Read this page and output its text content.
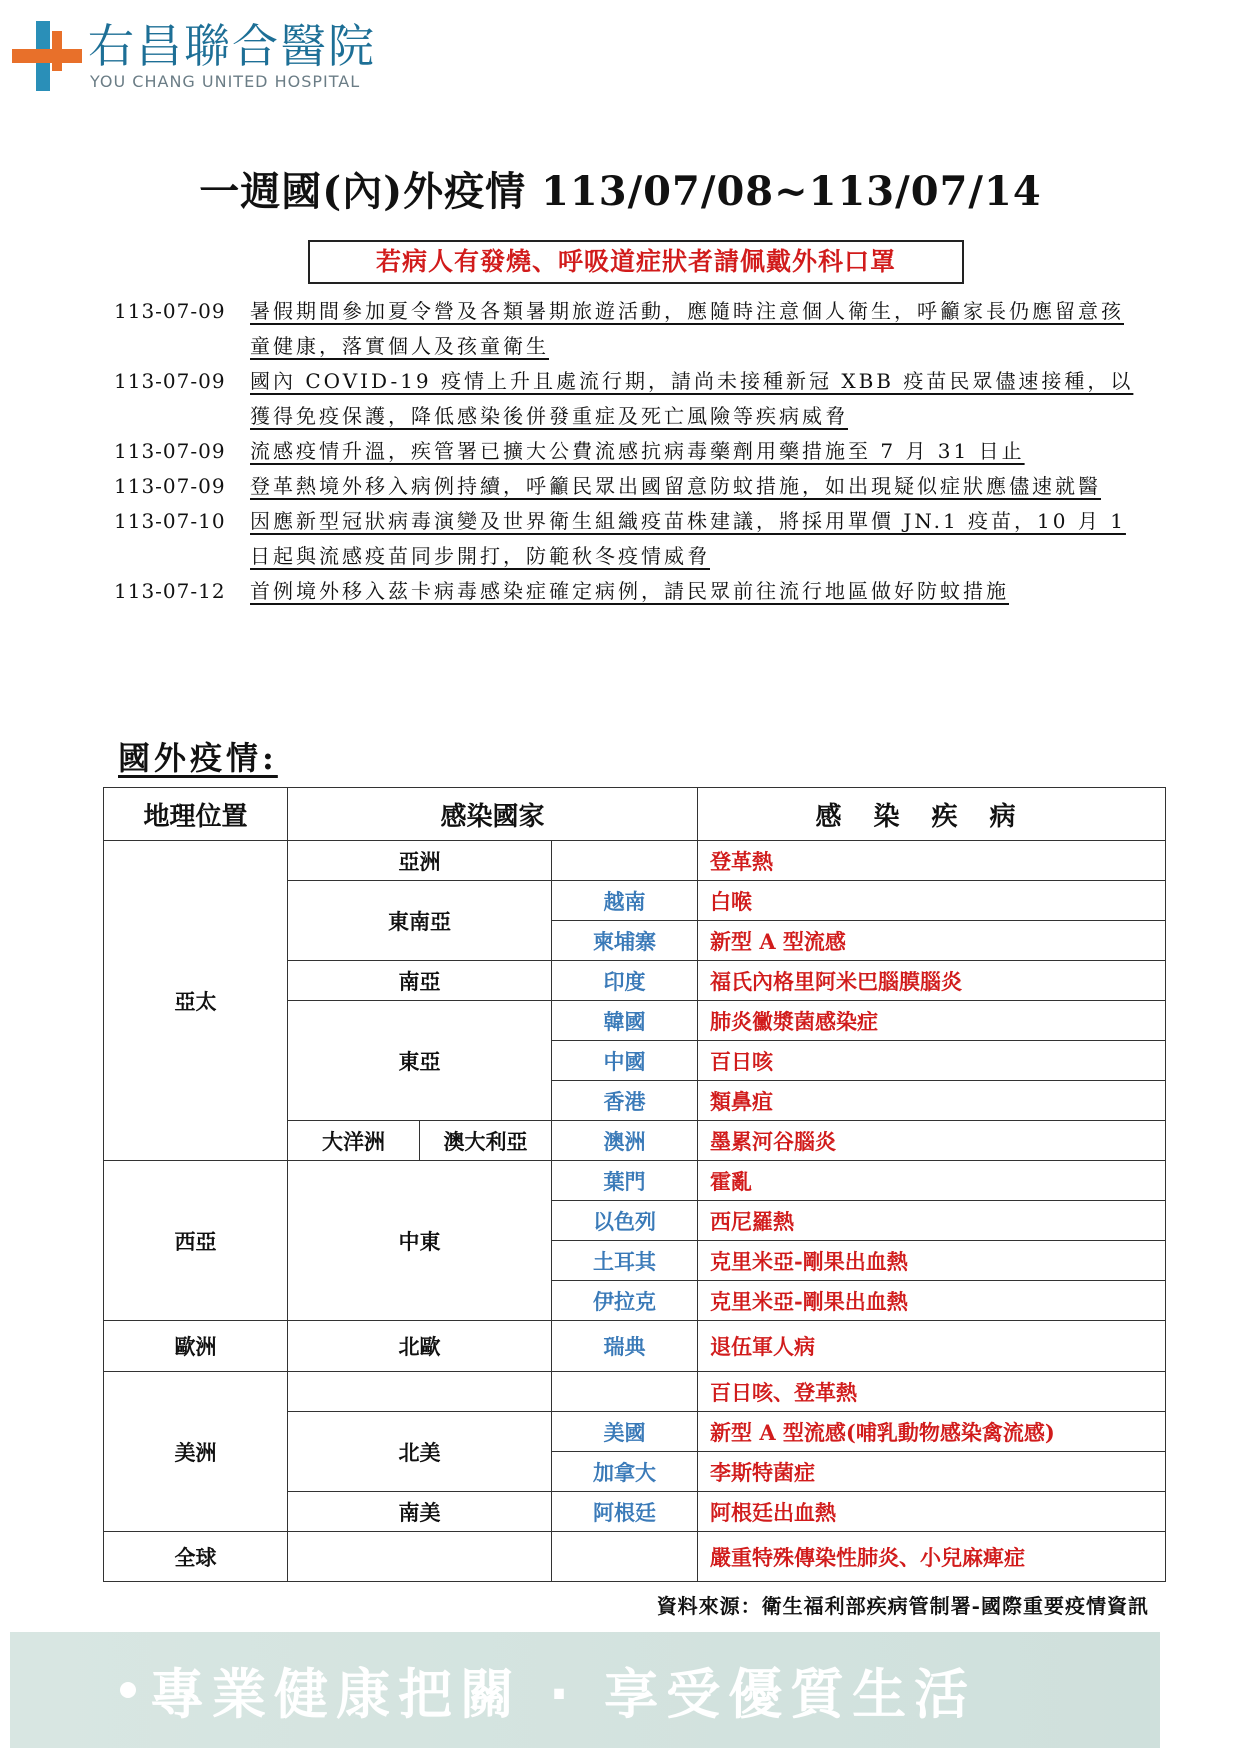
右昌聯合醫院
YOU CHANG UNITED HOSPITAL
一週國(內)外疫情 113/07/08~113/07/14
若病人有發燒、呼吸道症狀者請佩戴外科口罩
113-07-09	暑假期間參加夏令營及各類暑期旅遊活動，應隨時注意個人衛生，呼籲家長仍應留意孩童健康，落實個人及孩童衛生
113-07-09	國內 COVID-19 疫情上升且處流行期，請尚未接種新冠 XBB 疫苗民眾儘速接種，以獲得免疫保護，降低感染後併發重症及死亡風險等疾病威脅
113-07-09	流感疫情升溫，疾管署已擴大公費流感抗病毒藥劑用藥措施至 7 月 31 日止
113-07-09	登革熱境外移入病例持續，呼籲民眾出國留意防蚊措施，如出現疑似症狀應儘速就醫
113-07-10	因應新型冠狀病毒演變及世界衛生組織疫苗株建議，將採用單價 JN.1 疫苗，10 月 1 日起與流感疫苗同步開打，防範秋冬疫情威脅
113-07-12	首例境外移入茲卡病毒感染症確定病例，請民眾前往流行地區做好防蚊措施
國外疫情:
地理位置	感染國家			感染疾病
亞太	亞洲			登革熱
	東南亞		越南	白喉
			柬埔寨	新型 A 型流感
	南亞		印度	福氏內格里阿米巴腦膜腦炎
	東亞		韓國	肺炎黴漿菌感染症
			中國	百日咳
			香港	類鼻疽
	大洋洲	澳大利亞	澳洲	墨累河谷腦炎
西亞	中東		葉門	霍亂
			以色列	西尼羅熱
			土耳其	克里米亞-剛果出血熱
			伊拉克	克里米亞-剛果出血熱
歐洲	北歐		瑞典	退伍軍人病
美洲				百日咳、登革熱
	北美		美國	新型 A 型流感(哺乳動物感染禽流感)
			加拿大	李斯特菌症
	南美		阿根廷	阿根廷出血熱
全球				嚴重特殊傳染性肺炎、小兒麻痺症
資料來源：衛生福利部疾病管制署-國際重要疫情資訊
專業健康把關 · 享受優質生活
